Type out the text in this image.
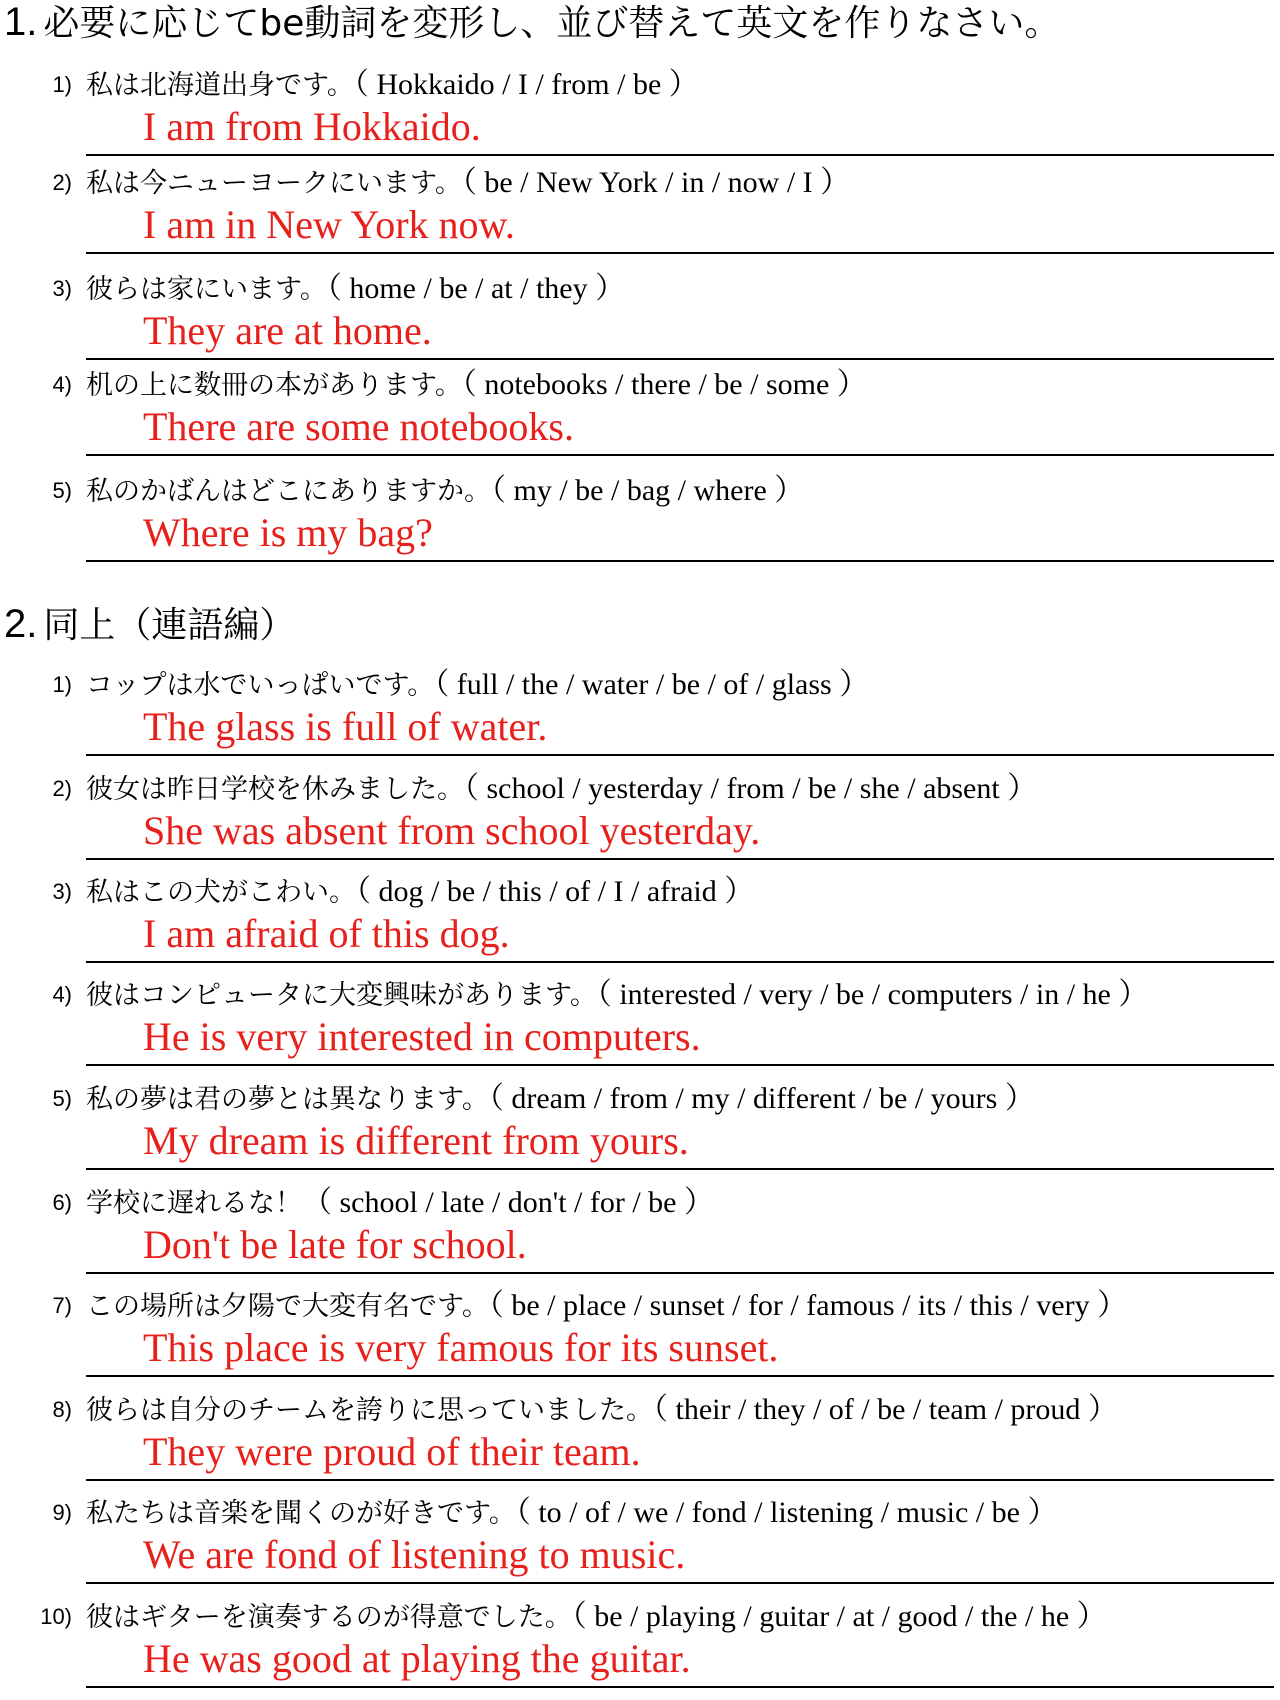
1. 必要に応じてbe動詞を変形し、並び替えて英文を作りなさい。
1) 私は北海道出身です。（ Hokkaido / I / from / be ）
I am from Hokkaido.
2) 私は今ニューヨークにいます。（ be / New York / in / now / I ）
I am in New York now.
3) 彼らは家にいます。（ home / be / at / they ）
They are at home.
4) 机の上に数冊の本があります。（ notebooks / there / be / some ）
There are some notebooks.
5) 私のかばんはどこにありますか。（ my / be / bag / where ）
Where is my bag?
2. 同上（連語編）
1) コップは水でいっぱいです。（ full / the / water / be / of / glass ）
The glass is full of water.
2) 彼女は昨日学校を休みました。（ school / yesterday / from / be / she / absent ）
She was absent from school yesterday.
3) 私はこの犬がこわい。（ dog / be / this / of / I / afraid ）
I am afraid of this dog.
4) 彼はコンピュータに大変興味があります。（ interested / very / be / computers / in / he ）
He is very interested in computers.
5) 私の夢は君の夢とは異なります。（ dream / from / my / different / be / yours ）
My dream is different from yours.
6) 学校に遅れるな！（ school / late / don't / for / be ）
Don't be late for school.
7) この場所は夕陽で大変有名です。（ be / place / sunset / for / famous / its / this / very ）
This place is very famous for its sunset.
8) 彼らは自分のチームを誇りに思っていました。（ their / they / of / be / team / proud ）
They were proud of their team.
9) 私たちは音楽を聞くのが好きです。（ to / of / we / fond / listening / music / be ）
We are fond of listening to music.
10) 彼はギターを演奏するのが得意でした。（ be / playing / guitar / at / good / the / he ）
He was good at playing the guitar.
